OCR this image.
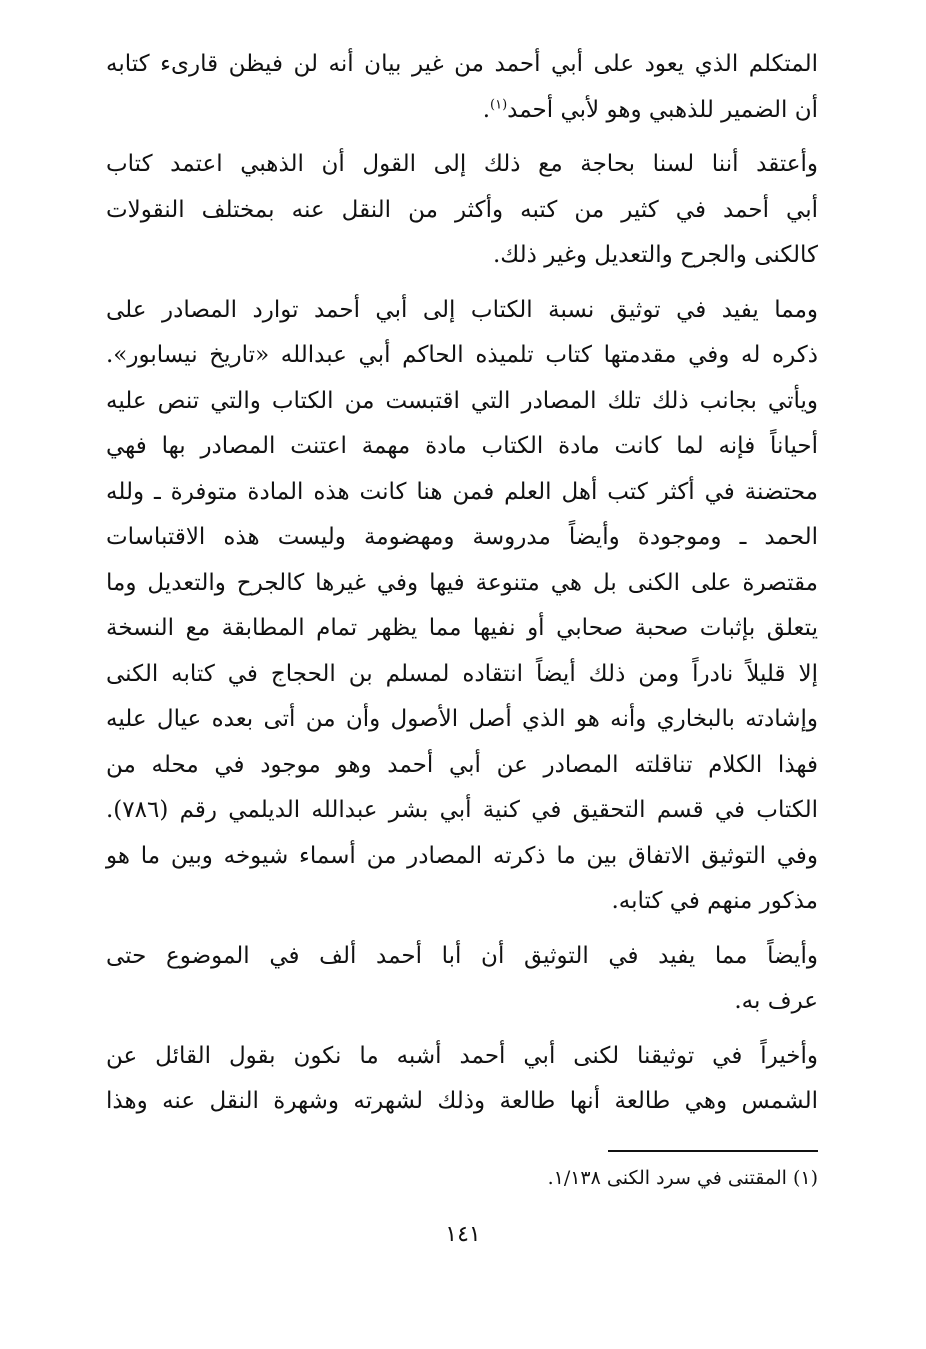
المتكلم الذي يعود على أبي أحمد من غير بيان أنه لن فيظن قارىء كتابه
أن الضمير للذهبي وهو لأبي أحمد$^{(١)}$.
وأعتقد أننا لسنا بحاجة مع ذلك إلى القول أن الذهبي اعتمد كتاب
أبي أحمد في كثير من كتبه وأكثر من النقل عنه بمختلف النقولات
كالكنى والجرح والتعديل وغير ذلك.
ومما يفيد في توثيق نسبة الكتاب إلى أبي أحمد توارد المصادر على
ذكره له وفي مقدمتها كتاب تلميذه الحاكم أبي عبدالله «تاريخ نيسابور».
ويأتي بجانب ذلك تلك المصادر التي اقتبست من الكتاب والتي تنص عليه
أحياناً فإنه لما كانت مادة الكتاب مادة مهمة اعتنت المصادر بها فهي
محتضنة في أكثر كتب أهل العلم فمن هنا كانت هذه المادة متوفرة ـ ولله
الحمد ـ وموجودة وأيضاً مدروسة ومهضومة وليست هذه الاقتباسات
مقتصرة على الكنى بل هي متنوعة فيها وفي غيرها كالجرح والتعديل وما
يتعلق بإثبات صحبة صحابي أو نفيها مما يظهر تمام المطابقة مع النسخة
إلا قليلاً نادراً ومن ذلك أيضاً انتقاده لمسلم بن الحجاج في كتابه الكنى
وإشادته بالبخاري وأنه هو الذي أصل الأصول وأن من أتى بعده عيال عليه
فهذا الكلام تناقلته المصادر عن أبي أحمد وهو موجود في محله من
الكتاب في قسم التحقيق في كنية أبي بشر عبدالله الديلمي رقم (٧٨٦).
وفي التوثيق الاتفاق بين ما ذكرته المصادر من أسماء شيوخه وبين ما هو
مذكور منهم في كتابه.
وأيضاً مما يفيد في التوثيق أن أبا أحمد ألف في الموضوع حتى
عرف به.
وأخيراً في توثيقنا لكنى أبي أحمد أشبه ما نكون بقول القائل عن
الشمس وهي طالعة أنها طالعة وذلك لشهرته وشهرة النقل عنه وهذا
(١) المقتنى في سرد الكنى ١/١٣٨.
١٤١
